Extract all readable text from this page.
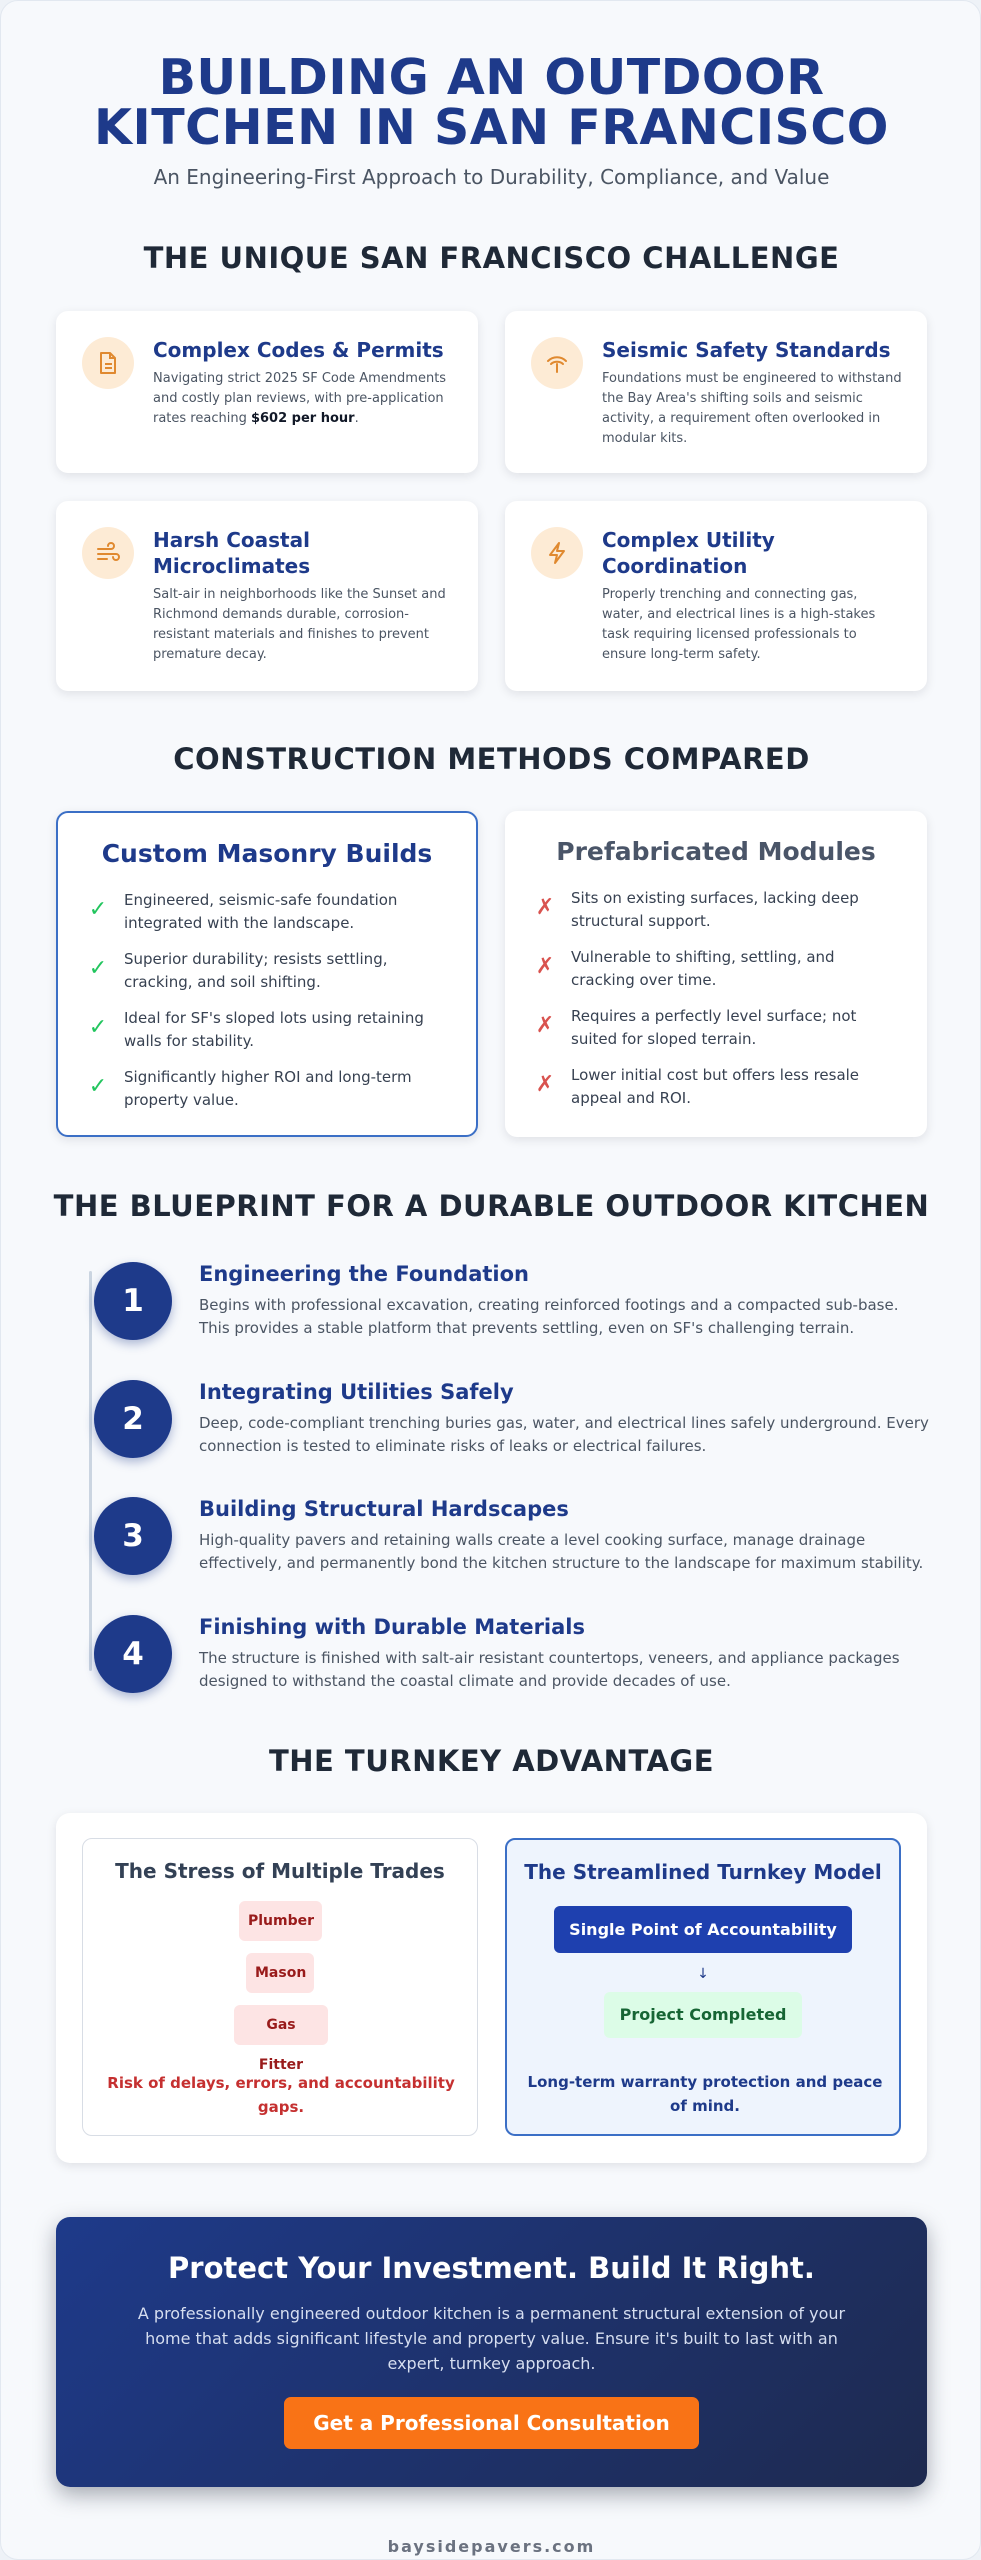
BUILDING AN OUTDOOR
KITCHEN IN SAN FRANCISCO
An Engineering-First Approach to Durability, Compliance, and Value
THE UNIQUE SAN FRANCISCO CHALLENGE
Complex Codes & Permits
Navigating strict 2025 SF Code Amendments and costly plan reviews, with pre-application rates reaching $602 per hour.
Seismic Safety Standards
Foundations must be engineered to withstand the Bay Area's shifting soils and seismic activity, a requirement often overlooked in modular kits.
Harsh Coastal Microclimates
Salt-air in neighborhoods like the Sunset and Richmond demands durable, corrosion-resistant materials and finishes to prevent premature decay.
Complex Utility Coordination
Properly trenching and connecting gas, water, and electrical lines is a high-stakes task requiring licensed professionals to ensure long-term safety.
CONSTRUCTION METHODS COMPARED
Custom Masonry Builds
✓ Engineered, seismic-safe foundation integrated with the landscape.
✓ Superior durability; resists settling, cracking, and soil shifting.
✓ Ideal for SF's sloped lots using retaining walls for stability.
✓ Significantly higher ROI and long-term property value.
Prefabricated Modules
✗ Sits on existing surfaces, lacking deep structural support.
✗ Vulnerable to shifting, settling, and cracking over time.
✗ Requires a perfectly level surface; not suited for sloped terrain.
✗ Lower initial cost but offers less resale appeal and ROI.
THE BLUEPRINT FOR A DURABLE OUTDOOR KITCHEN
1
Engineering the Foundation
Begins with professional excavation, creating reinforced footings and a compacted sub-base. This provides a stable platform that prevents settling, even on SF's challenging terrain.
2
Integrating Utilities Safely
Deep, code-compliant trenching buries gas, water, and electrical lines safely underground. Every connection is tested to eliminate risks of leaks or electrical failures.
3
Building Structural Hardscapes
High-quality pavers and retaining walls create a level cooking surface, manage drainage effectively, and permanently bond the kitchen structure to the landscape for maximum stability.
4
Finishing with Durable Materials
The structure is finished with salt-air resistant countertops, veneers, and appliance packages designed to withstand the coastal climate and provide decades of use.
THE TURNKEY ADVANTAGE
The Stress of Multiple Trades
Plumber
Mason
Gas Fitter
Risk of delays, errors, and accountability gaps.
The Streamlined Turnkey Model
Single Point of Accountability
↓
Project Completed
Long-term warranty protection and peace of mind.
Protect Your Investment. Build It Right.
A professionally engineered outdoor kitchen is a permanent structural extension of your home that adds significant lifestyle and property value. Ensure it's built to last with an expert, turnkey approach.
Get a Professional Consultation
baysidepavers.com
